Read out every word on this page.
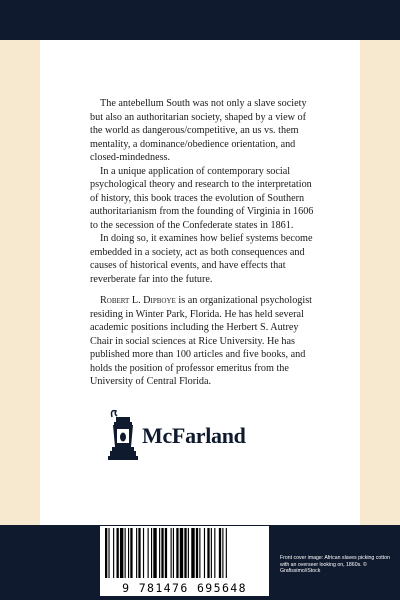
The antebellum South was not only a slave society but also an authoritarian society, shaped by a view of the world as dangerous/competitive, an us vs. them mentality, a dominance/obedience orientation, and closed-mindedness.

In a unique application of contemporary social psychological theory and research to the interpretation of history, this book traces the evolution of Southern authoritarianism from the founding of Virginia in 1606 to the secession of the Confederate states in 1861.

In doing so, it examines how belief systems become embedded in a society, act as both consequences and causes of historical events, and have effects that reverberate far into the future.

Robert L. Dipboye is an organizational psychologist residing in Winter Park, Florida. He has held several academic positions including the Herbert S. Autrey Chair in social sciences at Rice University. He has published more than 100 articles and five books, and holds the position of professor emeritus from the University of Central Florida.

McFarland
9 781476 695648
Front cover image: African slaves picking cotton with an overseer looking on, 1860s. © Grafissimo/iStock
